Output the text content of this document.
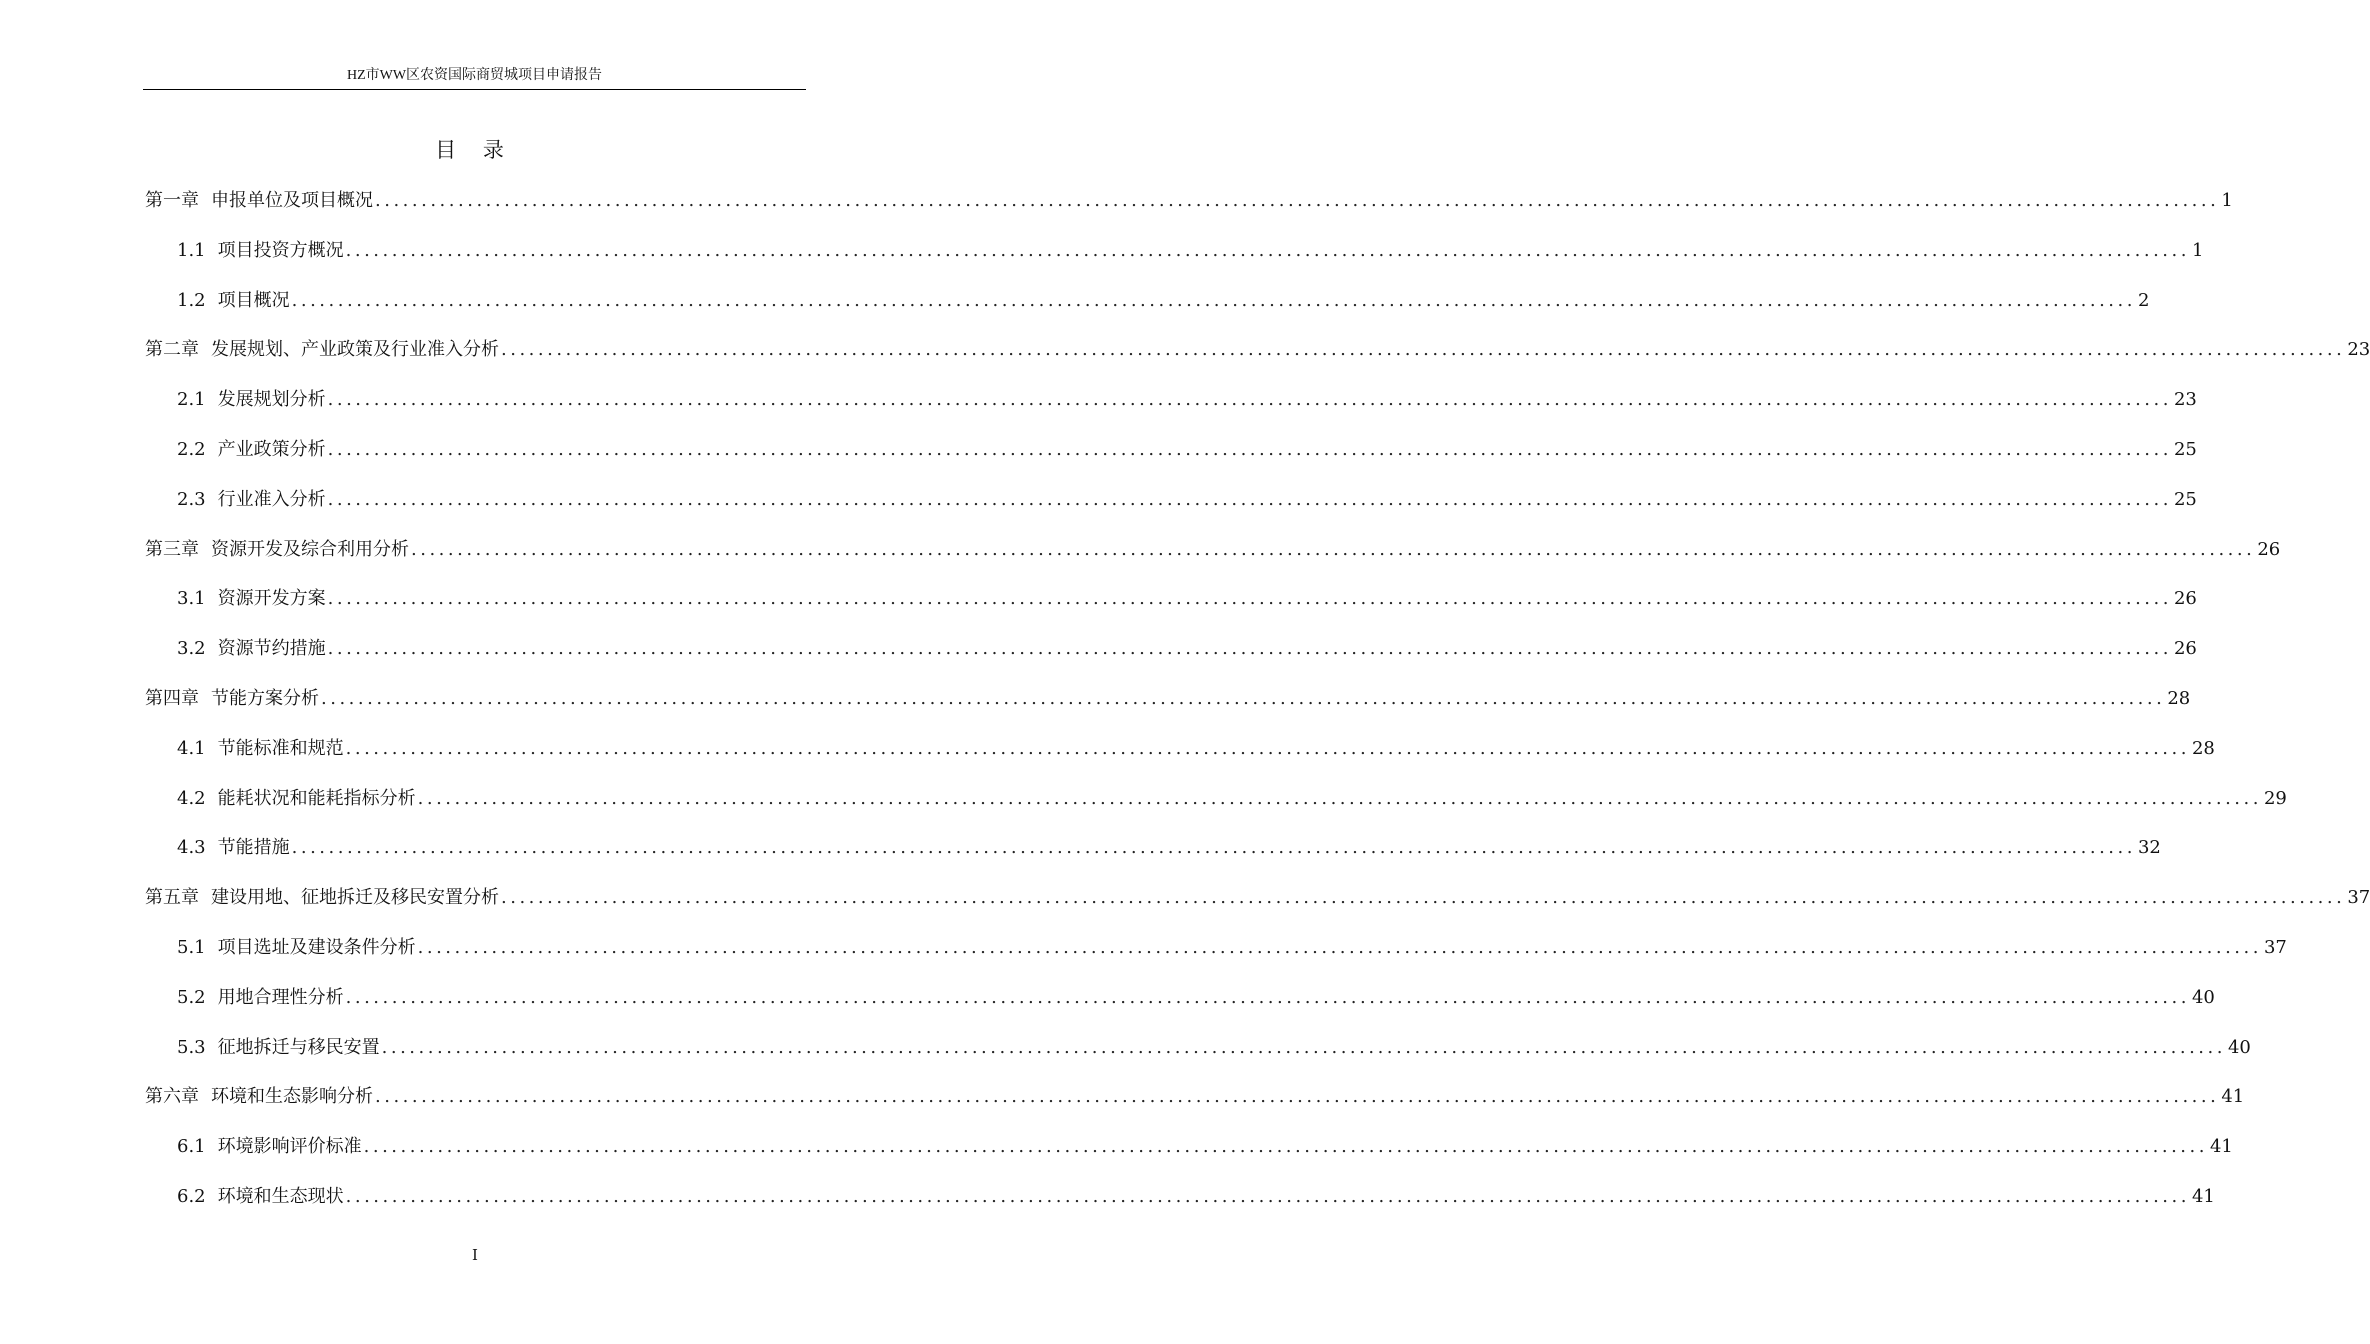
HZ市WW区农资国际商贸城项目申请报告
目 录
第一章 申报单位及项目概况 ........................................................................................................................................................................................................ 1
1.1 项目投资方概况 ........................................................................................................................................................................................................ 1
1.2 项目概况 ........................................................................................................................................................................................................ 2
第二章 发展规划、产业政策及行业准入分析 ........................................................................................................................................................................................................ 23
2.1 发展规划分析 ........................................................................................................................................................................................................ 23
2.2 产业政策分析 ........................................................................................................................................................................................................ 25
2.3 行业准入分析 ........................................................................................................................................................................................................ 25
第三章 资源开发及综合利用分析 ........................................................................................................................................................................................................ 26
3.1 资源开发方案 ........................................................................................................................................................................................................ 26
3.2 资源节约措施 ........................................................................................................................................................................................................ 26
第四章 节能方案分析 ........................................................................................................................................................................................................ 28
4.1 节能标准和规范 ........................................................................................................................................................................................................ 28
4.2 能耗状况和能耗指标分析 ........................................................................................................................................................................................................ 29
4.3 节能措施 ........................................................................................................................................................................................................ 32
第五章 建设用地、征地拆迁及移民安置分析 ........................................................................................................................................................................................................ 37
5.1 项目选址及建设条件分析 ........................................................................................................................................................................................................ 37
5.2 用地合理性分析 ........................................................................................................................................................................................................ 40
5.3 征地拆迁与移民安置 ........................................................................................................................................................................................................ 40
第六章 环境和生态影响分析 ........................................................................................................................................................................................................ 41
6.1 环境影响评价标准 ........................................................................................................................................................................................................ 41
6.2 环境和生态现状 ........................................................................................................................................................................................................ 41
I
